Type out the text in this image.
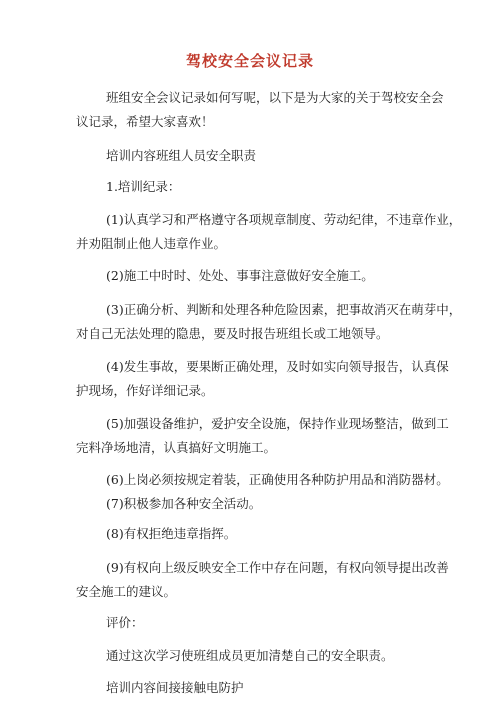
驾校安全会议记录
班组安全会议记录如何写呢，以下是为大家的关于驾校安全会
议记录，希望大家喜欢！
培训内容班组人员安全职责
1.培训纪录：
(1)认真学习和严格遵守各项规章制度、劳动纪律，不违章作业，
并劝阻制止他人违章作业。
(2)施工中时时、处处、事事注意做好安全施工。
(3)正确分析、判断和处理各种危险因素，把事故消灭在萌芽中，
对自己无法处理的隐患，要及时报告班组长或工地领导。
(4)发生事故，要果断正确处理，及时如实向领导报告，认真保
护现场，作好详细记录。
(5)加强设备维护，爱护安全设施，保持作业现场整洁，做到工
完料净场地清，认真搞好文明施工。
(6)上岗必须按规定着装，正确使用各种防护用品和消防器材。
(7)积极参加各种安全活动。
(8)有权拒绝违章指挥。
(9)有权向上级反映安全工作中存在问题，有权向领导提出改善
安全施工的建议。
评价：
通过这次学习使班组成员更加清楚自己的安全职责。
培训内容间接接触电防护
